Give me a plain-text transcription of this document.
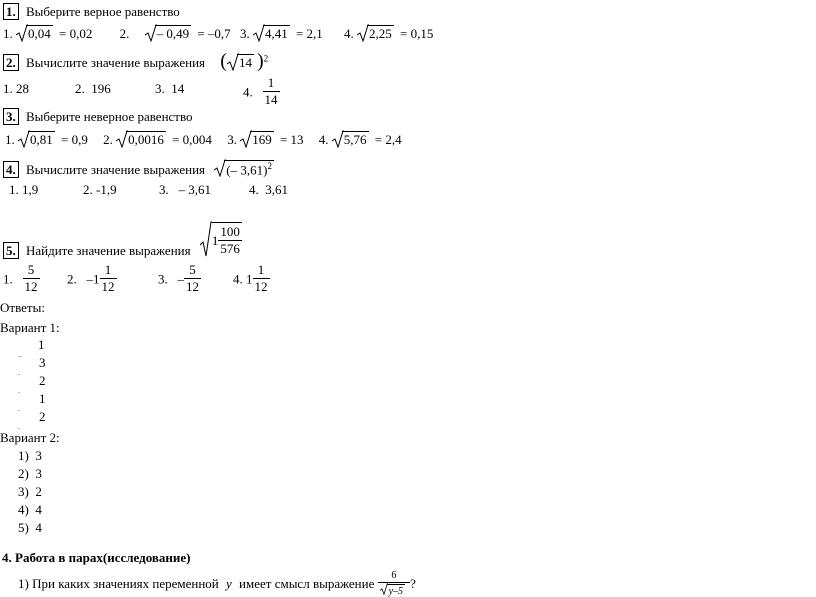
1. Выберите верное равенство
1. 0,04 = 0,02 2. – 0,49 = –0,7 3. 4,41 = 2,1 4. 2,25 = 0,15
2. Вычислите значение выражения ( 14 )$^2$
1. 28	2. 196	3. 14	4. $\frac{1}{14}$
3. Выберите неверное равенство
1. 0,81 = 0,9 2. 0,0016 = 0,004 3. 169 = 13 4. 5,76 = 2,4
4. Вычислите значение выражения (– 3,61)$^2$
1. 1,9	2. -1,9	3. – 3,61	4. 3,61
5. Найдите значение выражения
$1 \frac{100}{576}$
1. $\frac{5}{12} 2$. $-1 \frac{1}{12}$	3. – $\frac{5}{12} 4$. $1 \frac{1}{12}$
Ответы:
Вариант 1:
$_{..}$1
$_.$3
$_.$2
$_.$1
$_.$2
Вариант 2:
1) 3
2) 3
3) 2
4) 4
5) 4
4. Работа в парах(исследование)
1) При каких значениях переменной у имеет смысл выражение $\frac{6}{у-5}$ ?
